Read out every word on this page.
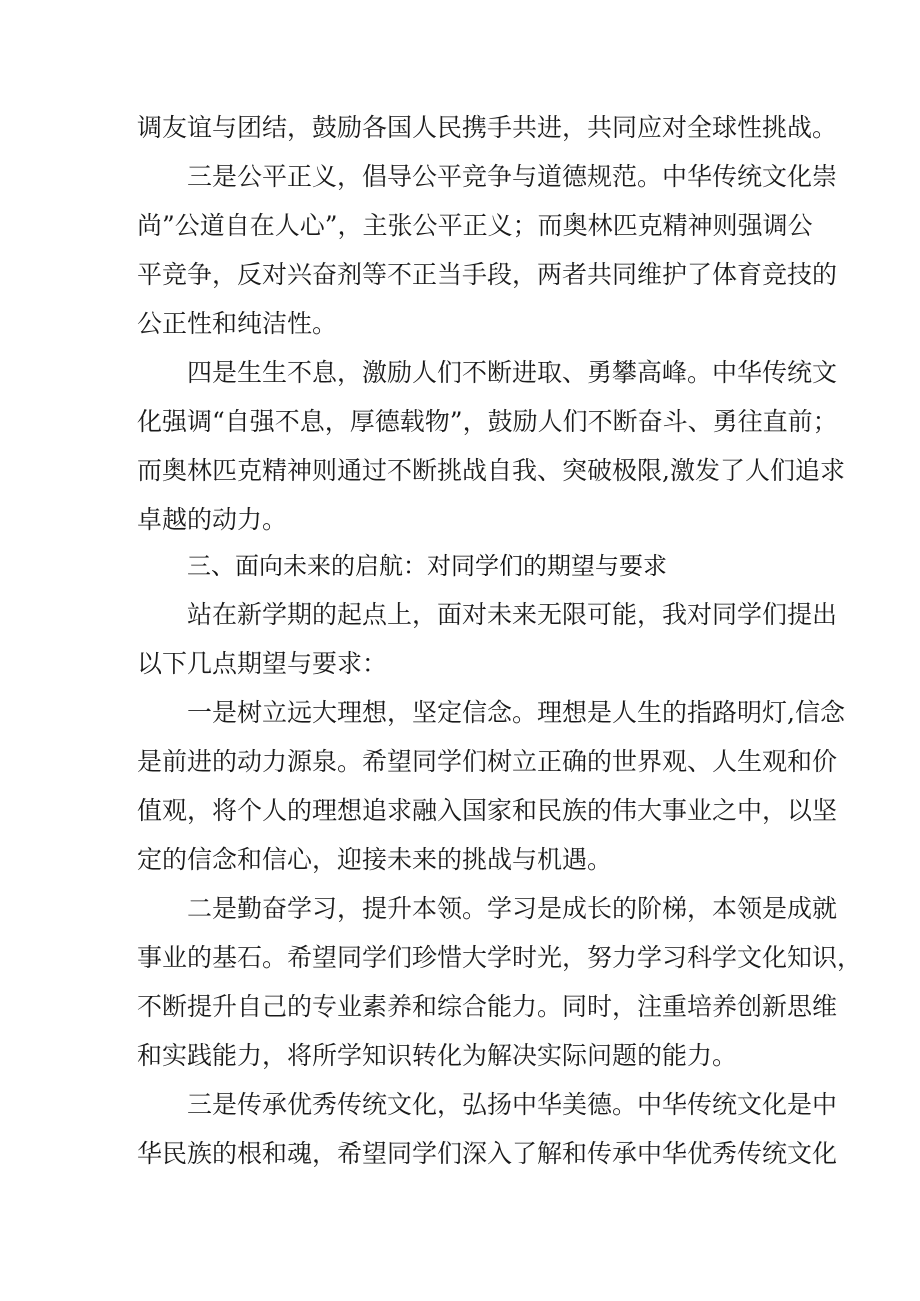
调友谊与团结，鼓励各国人民携手共进，共同应对全球性挑战。
三是公平正义，倡导公平竞争与道德规范。中华传统文化崇
尚”公道自在人心”，主张公平正义；而奥林匹克精神则强调公
平竞争，反对兴奋剂等不正当手段，两者共同维护了体育竞技的
公正性和纯洁性。
四是生生不息，激励人们不断进取、勇攀高峰。中华传统文
化强调“自强不息，厚德载物”，鼓励人们不断奋斗、勇往直前；
而奥林匹克精神则通过不断挑战自我、突破极限,激发了人们追求
卓越的动力。
三、面向未来的启航：对同学们的期望与要求
站在新学期的起点上，面对未来无限可能，我对同学们提出
以下几点期望与要求：
一是树立远大理想，坚定信念。理想是人生的指路明灯,信念
是前进的动力源泉。希望同学们树立正确的世界观、人生观和价
值观，将个人的理想追求融入国家和民族的伟大事业之中，以坚
定的信念和信心，迎接未来的挑战与机遇。
二是勤奋学习，提升本领。学习是成长的阶梯，本领是成就
事业的基石。希望同学们珍惜大学时光，努力学习科学文化知识，
不断提升自己的专业素养和综合能力。同时，注重培养创新思维
和实践能力，将所学知识转化为解决实际问题的能力。
三是传承优秀传统文化，弘扬中华美德。中华传统文化是中
华民族的根和魂，希望同学们深入了解和传承中华优秀传统文化
